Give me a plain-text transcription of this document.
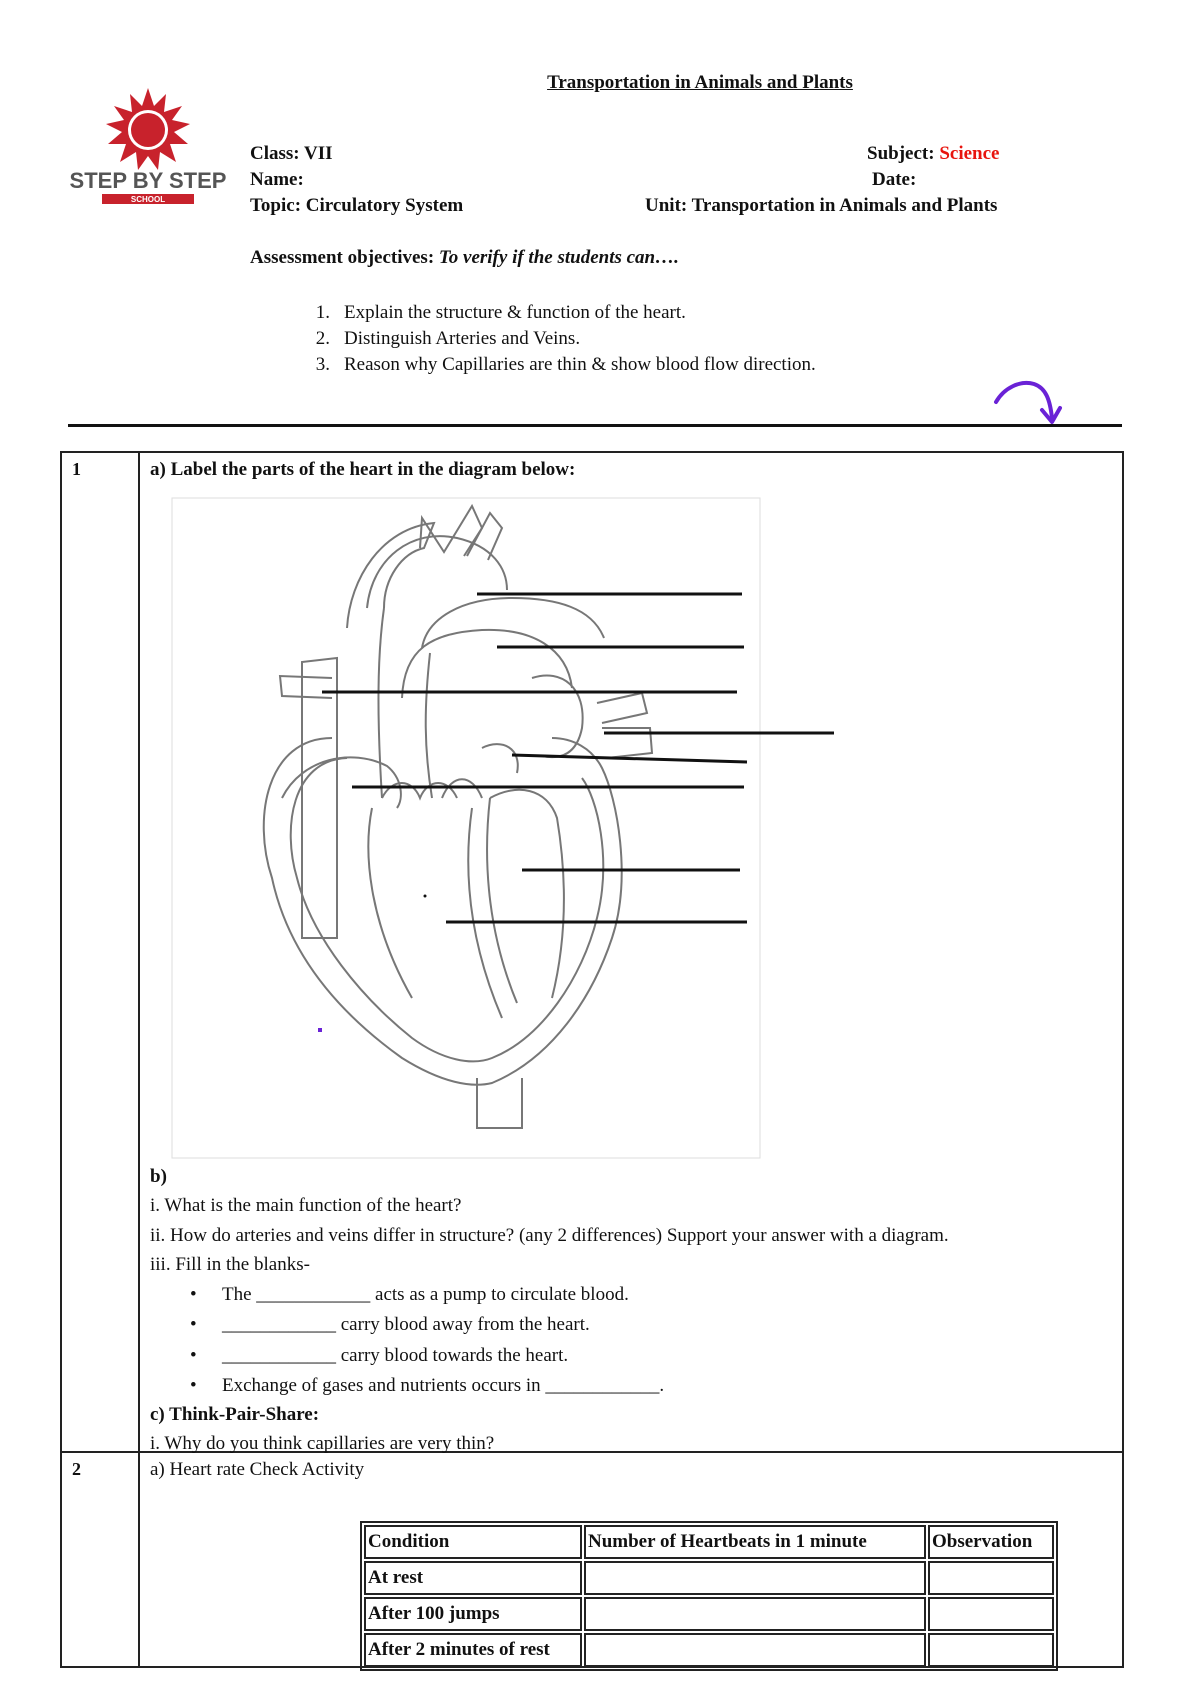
Transportation in Animals and Plants
STEP BY STEP
SCHOOL
Class: VII	Subject: Science
Name:	Date:
Topic: Circulatory System	Unit: Transportation in Animals and Plants
Assessment objectives: To verify if the students can….
1. Explain the structure & function of the heart.
2. Distinguish Arteries and Veins.
3. Reason why Capillaries are thin & show blood flow direction.
1	a) Label the parts of the heart in the diagram below:
b)
i. What is the main function of the heart?
ii. How do arteries and veins differ in structure? (any 2 differences) Support your answer with a diagram.
iii. Fill in the blanks-
• The ____________ acts as a pump to circulate blood.
• ____________ carry blood away from the heart.
• ____________ carry blood towards the heart.
• Exchange of gases and nutrients occurs in ____________.
c) Think-Pair-Share:
i. Why do you think capillaries are very thin?

2	a) Heart rate Check Activity
Condition	Number of Heartbeats in 1 minute	Observation
At rest		
After 100 jumps		
After 2 minutes of rest		
